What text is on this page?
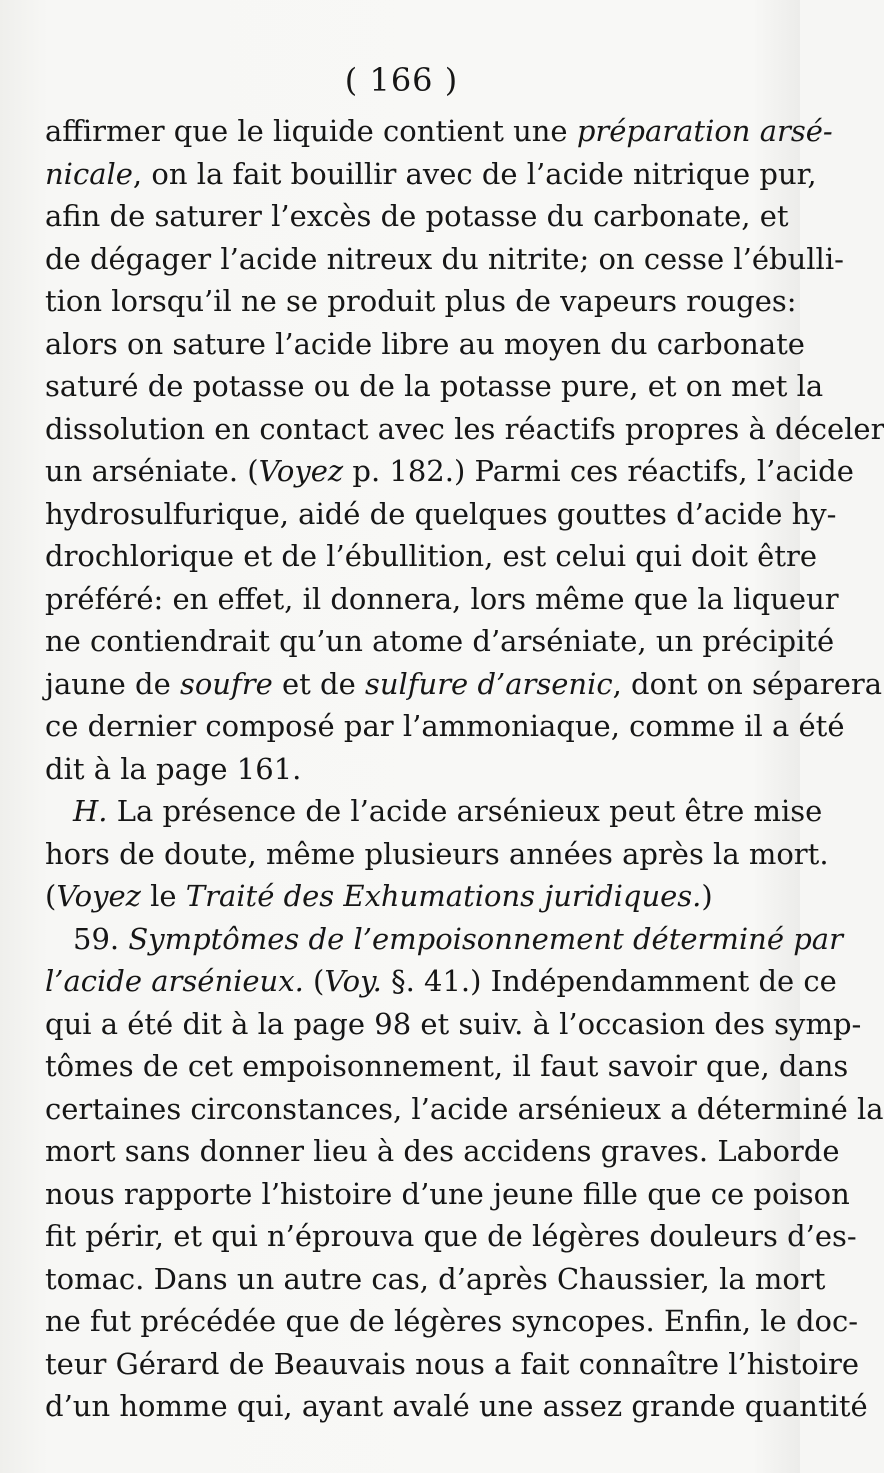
( 166 )
affirmer que le liquide contient une préparation arsé-
nicale, on la fait bouillir avec de l’acide nitrique pur,
afin de saturer l’excès de potasse du carbonate, et
de dégager l’acide nitreux du nitrite; on cesse l’ébulli-
tion lorsqu’il ne se produit plus de vapeurs rouges:
alors on sature l’acide libre au moyen du carbonate
saturé de potasse ou de la potasse pure, et on met la
dissolution en contact avec les réactifs propres à déceler
un arséniate. (Voyez p. 182.) Parmi ces réactifs, l’acide
hydrosulfurique, aidé de quelques gouttes d’acide hy-
drochlorique et de l’ébullition, est celui qui doit être
préféré: en effet, il donnera, lors même que la liqueur
ne contiendrait qu’un atome d’arséniate, un précipité
jaune de soufre et de sulfure d’arsenic, dont on séparera
ce dernier composé par l’ammoniaque, comme il a été
dit à la page 161.
H. La présence de l’acide arsénieux peut être mise
hors de doute, même plusieurs années après la mort.
(Voyez le Traité des Exhumations juridiques.)
59. Symptômes de l’empoisonnement déterminé par
l’acide arsénieux. (Voy. §. 41.) Indépendamment de ce
qui a été dit à la page 98 et suiv. à l’occasion des symp-
tômes de cet empoisonnement, il faut savoir que, dans
certaines circonstances, l’acide arsénieux a déterminé la
mort sans donner lieu à des accidens graves. Laborde
nous rapporte l’histoire d’une jeune fille que ce poison
fit périr, et qui n’éprouva que de légères douleurs d’es-
tomac. Dans un autre cas, d’après Chaussier, la mort
ne fut précédée que de légères syncopes. Enfin, le doc-
teur Gérard de Beauvais nous a fait connaître l’histoire
d’un homme qui, ayant avalé une assez grande quantité
